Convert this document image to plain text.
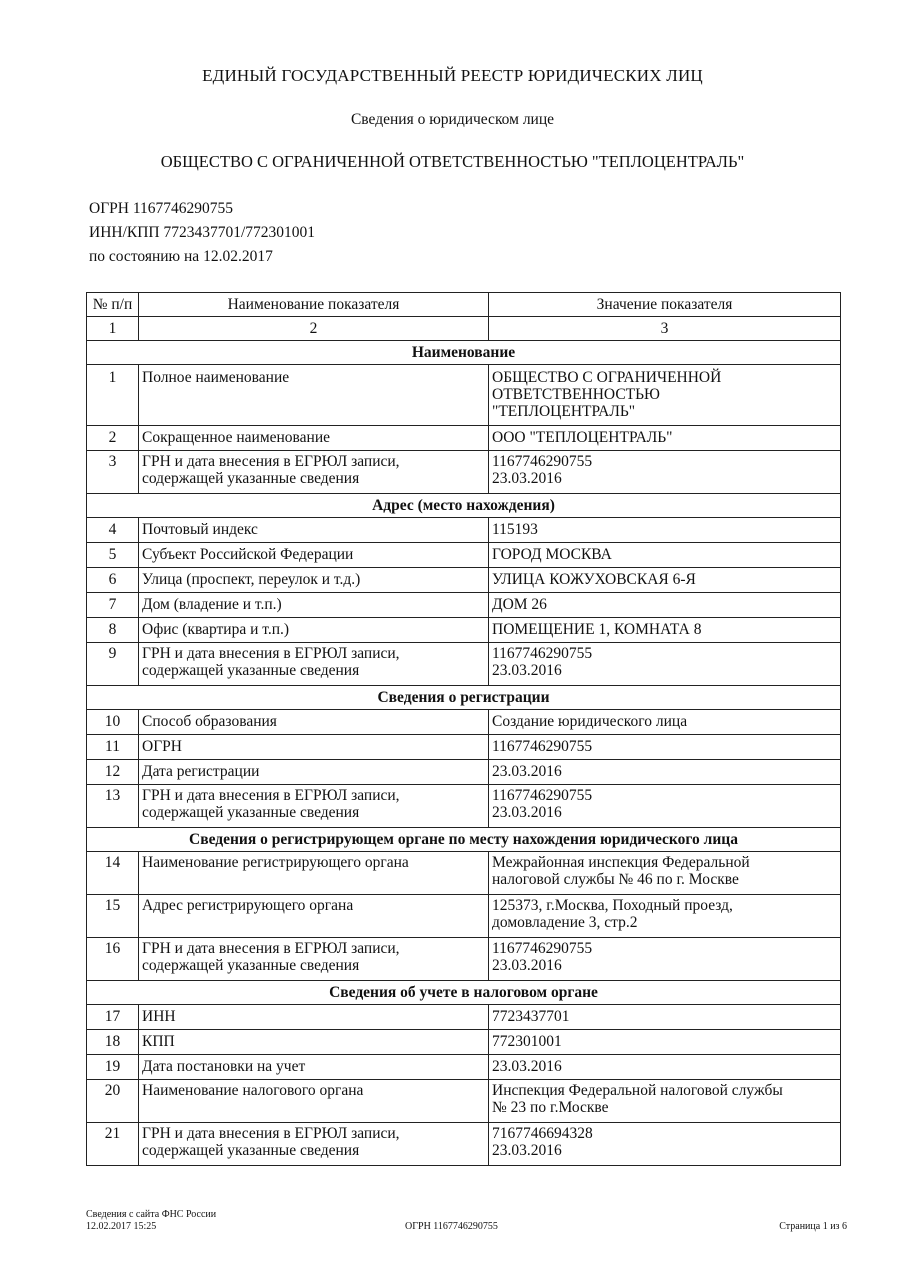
ЕДИНЫЙ ГОСУДАРСТВЕННЫЙ РЕЕСТР ЮРИДИЧЕСКИХ ЛИЦ
Сведения о юридическом лице
ОБЩЕСТВО С ОГРАНИЧЕННОЙ ОТВЕТСТВЕННОСТЬЮ "ТЕПЛОЦЕНТРАЛЬ"
ОГРН 1167746290755
ИНН/КПП 7723437701/772301001
по состоянию на 12.02.2017
№ п/п	Наименование показателя	Значение показателя
1	2	3
Наименование		
1	Полное наименование	ОБЩЕСТВО С ОГРАНИЧЕННОЙ
ОТВЕТСТВЕННОСТЬЮ
"ТЕПЛОЦЕНТРАЛЬ"

2	Сокращенное наименование	ООО "ТЕПЛОЦЕНТРАЛЬ"

3	ГРН и дата внесения в ЕГРЮЛ записи,
содержащей указанные сведения	1167746290755
23.03.2016

Адрес (место нахождения)		
4	Почтовый индекс	115193

5	Субъект Российской Федерации	ГОРОД МОСКВА

6	Улица (проспект, переулок и т.д.)	УЛИЦА КОЖУХОВСКАЯ 6-Я

7	Дом (владение и т.п.)	ДОМ 26

8	Офис (квартира и т.п.)	ПОМЕЩЕНИЕ 1, КОМНАТА 8

9	ГРН и дата внесения в ЕГРЮЛ записи,
содержащей указанные сведения	1167746290755
23.03.2016

Сведения о регистрации		
10	Способ образования	Создание юридического лица

11	ОГРН	1167746290755

12	Дата регистрации	23.03.2016

13	ГРН и дата внесения в ЕГРЮЛ записи,
содержащей указанные сведения	1167746290755
23.03.2016

Сведения о регистрирующем органе по месту нахождения юридического лица		
14	Наименование регистрирующего органа	Межрайонная инспекция Федеральной
налоговой службы № 46 по г. Москве

15	Адрес регистрирующего органа	125373, г.Москва, Походный проезд,
домовладение 3, стр.2

16	ГРН и дата внесения в ЕГРЮЛ записи,
содержащей указанные сведения	1167746290755
23.03.2016

Сведения об учете в налоговом органе		
17	ИНН	7723437701

18	КПП	772301001

19	Дата постановки на учет	23.03.2016

20	Наименование налогового органа	Инспекция Федеральной налоговой службы
№ 23 по г.Москве

21	ГРН и дата внесения в ЕГРЮЛ записи,
содержащей указанные сведения	7167746694328
23.03.2016
Сведения с сайта ФНС России
12.02.2017 15:25	ОГРН 1167746290755	Страница 1 из 6
